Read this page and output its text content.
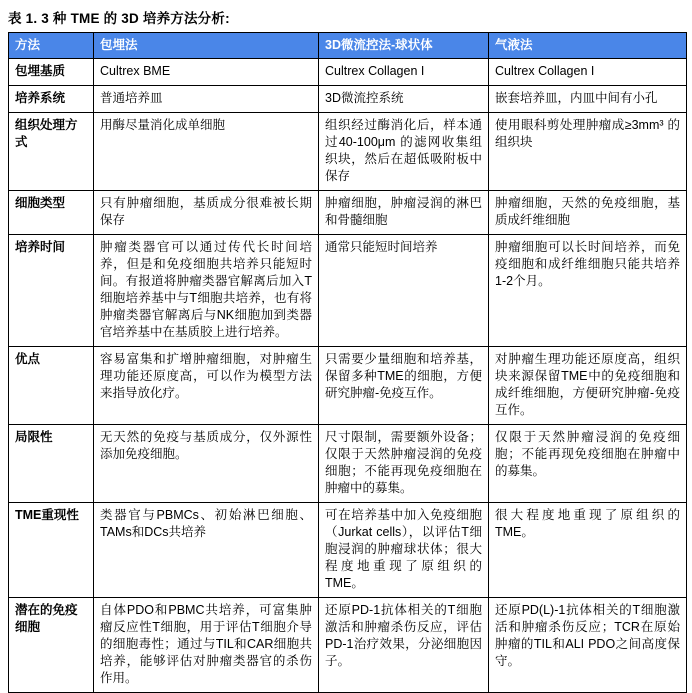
表 1. 3 种 TME 的 3D 培养方法分析:
方法	包埋法	3D微流控法-球状体	气液法
包埋基质	Cultrex BME	Cultrex Collagen I	Cultrex Collagen I
培养系统	普通培养皿	3D微流控系统	嵌套培养皿，内皿中间有小孔
组织处理方式	用酶尽量消化成单细胞	组织经过酶消化后，样本通过40-100μm 的滤网收集组织块，然后在超低吸附板中保存	使用眼科剪处理肿瘤成≥3mm³ 的组织块
细胞类型	只有肿瘤细胞，基质成分很难被长期保存	肿瘤细胞，肿瘤浸润的淋巴和骨髓细胞	肿瘤细胞，天然的免疫细胞，基质成纤维细胞
培养时间	肿瘤类器官可以通过传代长时间培养，但是和免疫细胞共培养只能短时间。有报道将肿瘤类器官解离后加入T细胞培养基中与T细胞共培养，也有将肿瘤类器官解离后与NK细胞加到类器官培养基中在基质胶上进行培养。	通常只能短时间培养	肿瘤细胞可以长时间培养，而免疫细胞和成纤维细胞只能共培养1-2个月。
优点	容易富集和扩增肿瘤细胞，对肿瘤生理功能还原度高，可以作为模型方法来指导放化疗。	只需要少量细胞和培养基，保留多种TME的细胞，方便研究肿瘤-免疫互作。	对肿瘤生理功能还原度高，组织块来源保留TME中的免疫细胞和成纤维细胞，方便研究肿瘤-免疫互作。
局限性	无天然的免疫与基质成分，仅外源性添加免疫细胞。	尺寸限制，需要额外设备；仅限于天然肿瘤浸润的免疫细胞；不能再现免疫细胞在肿瘤中的募集。	仅限于天然肿瘤浸润的免疫细胞；不能再现免疫细胞在肿瘤中的募集。
TME重现性	类器官与PBMCs、初始淋巴细胞、TAMs和DCs共培养	可在培养基中加入免疫细胞（Jurkat cells），以评估T细胞浸润的肿瘤球状体；很大程度地重现了原组织的TME。	很大程度地重现了原组织的TME。
潜在的免疫细胞	自体PDO和PBMC共培养，可富集肿瘤反应性T细胞，用于评估T细胞介导的细胞毒性；通过与TIL和CAR细胞共培养，能够评估对肿瘤类器官的杀伤作用。	还原PD-1抗体相关的T细胞激活和肿瘤杀伤反应，评估PD-1治疗效果，分泌细胞因子。	还原PD(L)-1抗体相关的T细胞激活和肿瘤杀伤反应；TCR在原始肿瘤的TIL和ALI PDO之间高度保守。
